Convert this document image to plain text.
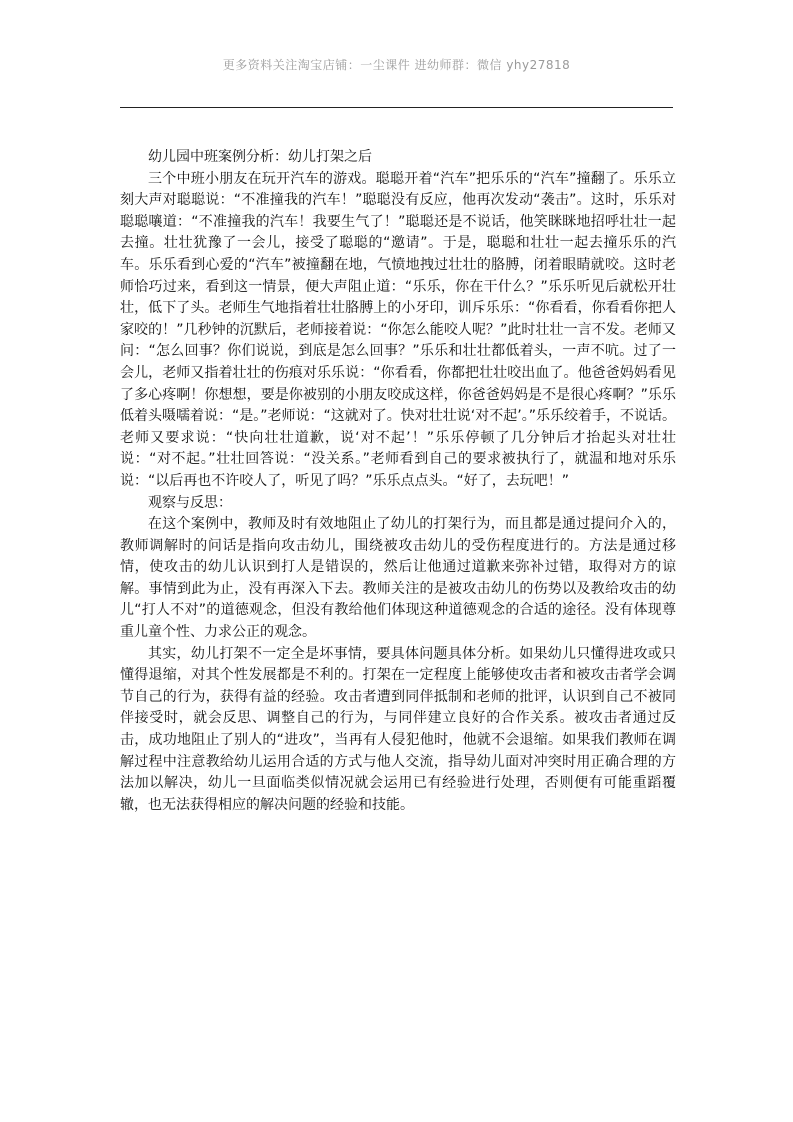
更多资料关注淘宝店铺：一尘课件 进幼师群：微信 yhy27818

幼儿园中班案例分析：幼儿打架之后

三个中班小朋友在玩开汽车的游戏。聪聪开着“汽车”把乐乐的“汽车”撞翻了。乐乐立刻大声对聪聪说：“不准撞我的汽车！”聪聪没有反应，他再次发动“袭击”。这时，乐乐对聪聪嚷道：“不准撞我的汽车！我要生气了！”聪聪还是不说话，他笑眯眯地招呼壮壮一起去撞。壮壮犹豫了一会儿，接受了聪聪的“邀请”。于是，聪聪和壮壮一起去撞乐乐的汽车。乐乐看到心爱的“汽车”被撞翻在地，气愤地拽过壮壮的胳膊，闭着眼睛就咬。这时老师恰巧过来，看到这一情景，便大声阻止道：“乐乐，你在干什么？”乐乐听见后就松开壮壮，低下了头。老师生气地指着壮壮胳膊上的小牙印，训斥乐乐：“你看看，你看看你把人家咬的！”几秒钟的沉默后，老师接着说：“你怎么能咬人呢？”此时壮壮一言不发。老师又问：“怎么回事？你们说说，到底是怎么回事？”乐乐和壮壮都低着头，一声不吭。过了一会儿，老师又指着壮壮的伤痕对乐乐说：“你看看，你都把壮壮咬出血了。他爸爸妈妈看见了多心疼啊！你想想，要是你被别的小朋友咬成这样，你爸爸妈妈是不是很心疼啊？”乐乐低着头嗫嚅着说：“是。”老师说：“这就对了。快对壮壮说‘对不起’。”乐乐绞着手，不说话。老师又要求说：“快向壮壮道歉，说‘对不起’！”乐乐停顿了几分钟后才抬起头对壮壮说：“对不起。”壮壮回答说：“没关系。”老师看到自己的要求被执行了，就温和地对乐乐说：“以后再也不许咬人了，听见了吗？”乐乐点点头。“好了，去玩吧！”

观察与反思：

在这个案例中，教师及时有效地阻止了幼儿的打架行为，而且都是通过提问介入的，教师调解时的问话是指向攻击幼儿，围绕被攻击幼儿的受伤程度进行的。方法是通过移情，使攻击的幼儿认识到打人是错误的，然后让他通过道歉来弥补过错，取得对方的谅解。事情到此为止，没有再深入下去。教师关注的是被攻击幼儿的伤势以及教给攻击的幼儿“打人不对”的道德观念，但没有教给他们体现这种道德观念的合适的途径。没有体现尊重儿童个性、力求公正的观念。

其实，幼儿打架不一定全是坏事情，要具体问题具体分析。如果幼儿只懂得进攻或只懂得退缩，对其个性发展都是不利的。打架在一定程度上能够使攻击者和被攻击者学会调节自己的行为，获得有益的经验。攻击者遭到同伴抵制和老师的批评，认识到自己不被同伴接受时，就会反思、调整自己的行为，与同伴建立良好的合作关系。被攻击者通过反击，成功地阻止了别人的“进攻”，当再有人侵犯他时，他就不会退缩。如果我们教师在调解过程中注意教给幼儿运用合适的方式与他人交流，指导幼儿面对冲突时用正确合理的方法加以解决，幼儿一旦面临类似情况就会运用已有经验进行处理，否则便有可能重蹈覆辙，也无法获得相应的解决问题的经验和技能。
